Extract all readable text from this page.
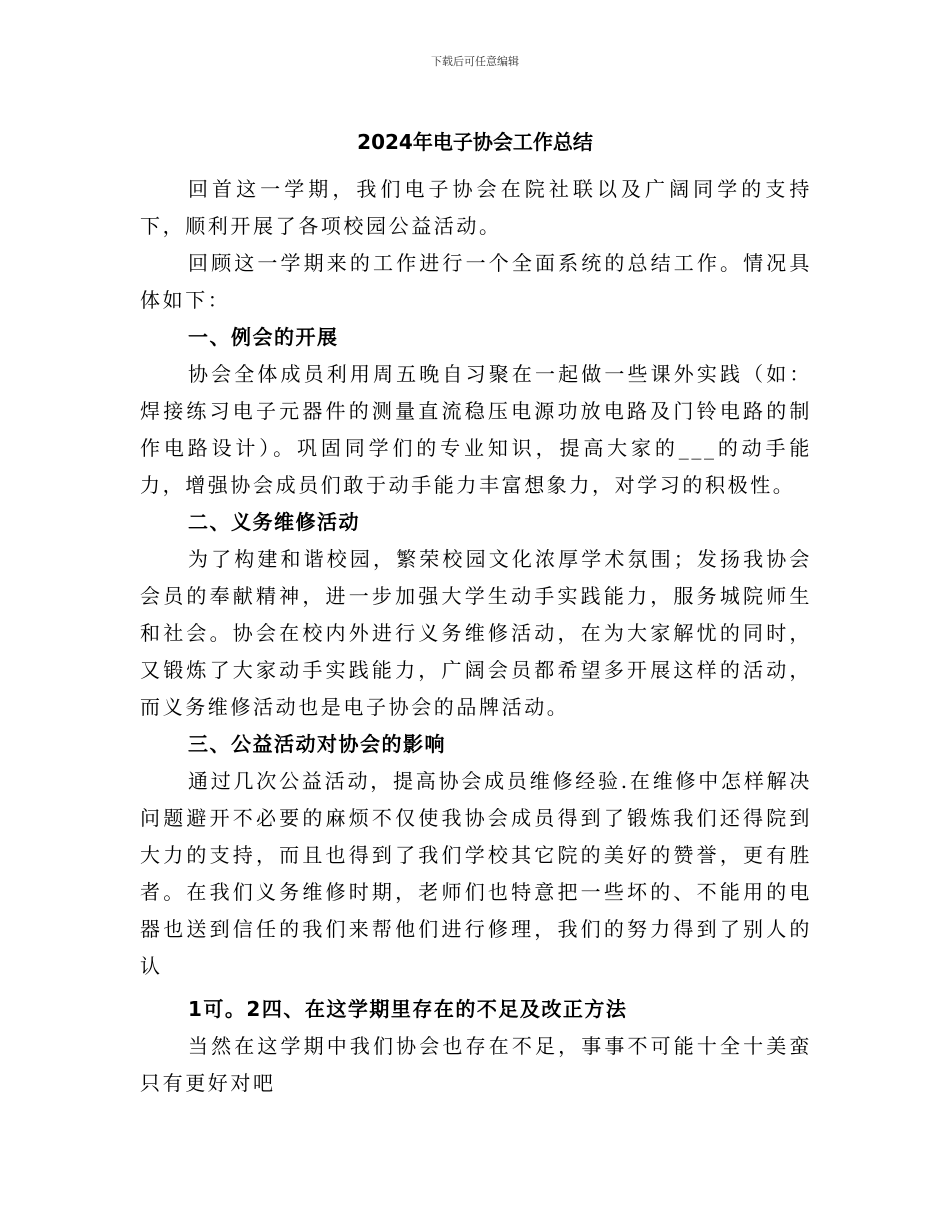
下载后可任意编辑
2024年电子协会工作总结

回首这一学期，我们电子协会在院社联以及广阔同学的支持下，顺利开展了各项校园公益活动。

回顾这一学期来的工作进行一个全面系统的总结工作。情况具体如下：

一、例会的开展

协会全体成员利用周五晚自习聚在一起做一些课外实践（如：焊接练习电子元器件的测量直流稳压电源功放电路及门铃电路的制作电路设计）。巩固同学们的专业知识，提高大家的___的动手能力，增强协会成员们敢于动手能力丰富想象力，对学习的积极性。

二、义务维修活动

为了构建和谐校园，繁荣校园文化浓厚学术氛围；发扬我协会会员的奉献精神，进一步加强大学生动手实践能力，服务城院师生和社会。协会在校内外进行义务维修活动，在为大家解忧的同时，又锻炼了大家动手实践能力，广阔会员都希望多开展这样的活动，而义务维修活动也是电子协会的品牌活动。

三、公益活动对协会的影响

通过几次公益活动，提高协会成员维修经验.在维修中怎样解决问题避开不必要的麻烦不仅使我协会成员得到了锻炼我们还得院到大力的支持，而且也得到了我们学校其它院的美好的赞誉，更有胜者。在我们义务维修时期，老师们也特意把一些坏的、不能用的电器也送到信任的我们来帮他们进行修理，我们的努力得到了别人的认

1可。2四、在这学期里存在的不足及改正方法

当然在这学期中我们协会也存在不足，事事不可能十全十美蛮只有更好对吧
